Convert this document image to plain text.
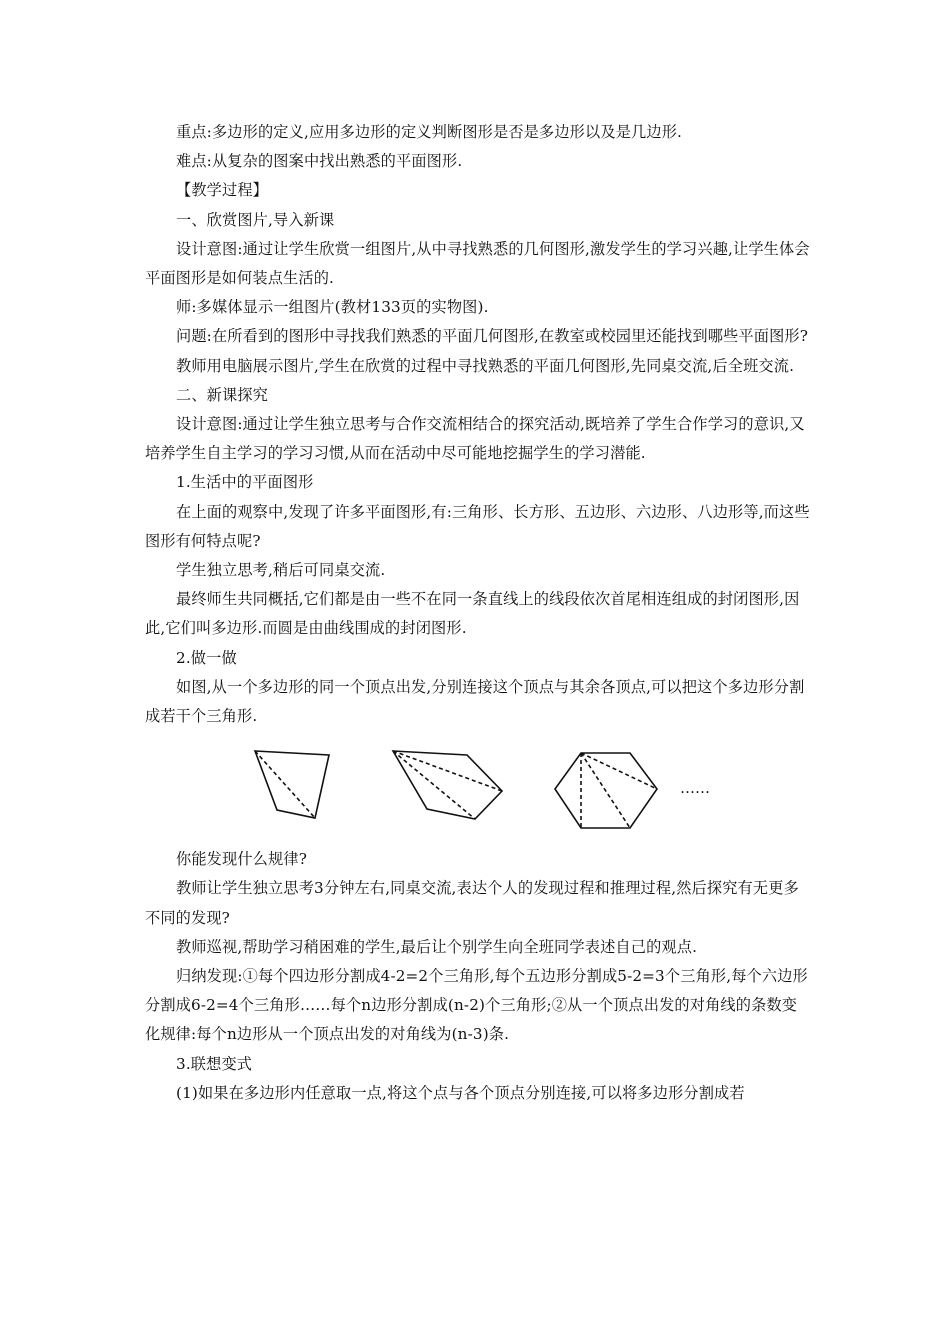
重点:多边形的定义,应用多边形的定义判断图形是否是多边形以及是几边形.

难点:从复杂的图案中找出熟悉的平面图形.

【教学过程】

一、欣赏图片,导入新课

设计意图:通过让学生欣赏一组图片,从中寻找熟悉的几何图形,激发学生的学习兴趣,让学生体会平面图形是如何装点生活的.

师:多媒体显示一组图片(教材133页的实物图).

问题:在所看到的图形中寻找我们熟悉的平面几何图形,在教室或校园里还能找到哪些平面图形?

教师用电脑展示图片,学生在欣赏的过程中寻找熟悉的平面几何图形,先同桌交流,后全班交流.

二、新课探究

设计意图:通过让学生独立思考与合作交流相结合的探究活动,既培养了学生合作学习的意识,又培养学生自主学习的学习习惯,从而在活动中尽可能地挖掘学生的学习潜能.

1.生活中的平面图形

在上面的观察中,发现了许多平面图形,有:三角形、长方形、五边形、六边形、八边形等,而这些图形有何特点呢?

学生独立思考,稍后可同桌交流.

最终师生共同概括,它们都是由一些不在同一条直线上的线段依次首尾相连组成的封闭图形,因此,它们叫多边形.而圆是由曲线围成的封闭图形.

2.做一做

如图,从一个多边形的同一个顶点出发,分别连接这个顶点与其余各顶点,可以把这个多边形分割成若干个三角形.

……

你能发现什么规律?

教师让学生独立思考3分钟左右,同桌交流,表达个人的发现过程和推理过程,然后探究有无更多不同的发现?

教师巡视,帮助学习稍困难的学生,最后让个别学生向全班同学表述自己的观点.

归纳发现:①每个四边形分割成4-2=2个三角形,每个五边形分割成5-2=3个三角形,每个六边形分割成6-2=4个三角形……每个n边形分割成(n-2)个三角形;②从一个顶点出发的对角线的条数变化规律:每个n边形从一个顶点出发的对角线为(n-3)条.

3.联想变式

(1)如果在多边形内任意取一点,将这个点与各个顶点分别连接,可以将多边形分割成若
